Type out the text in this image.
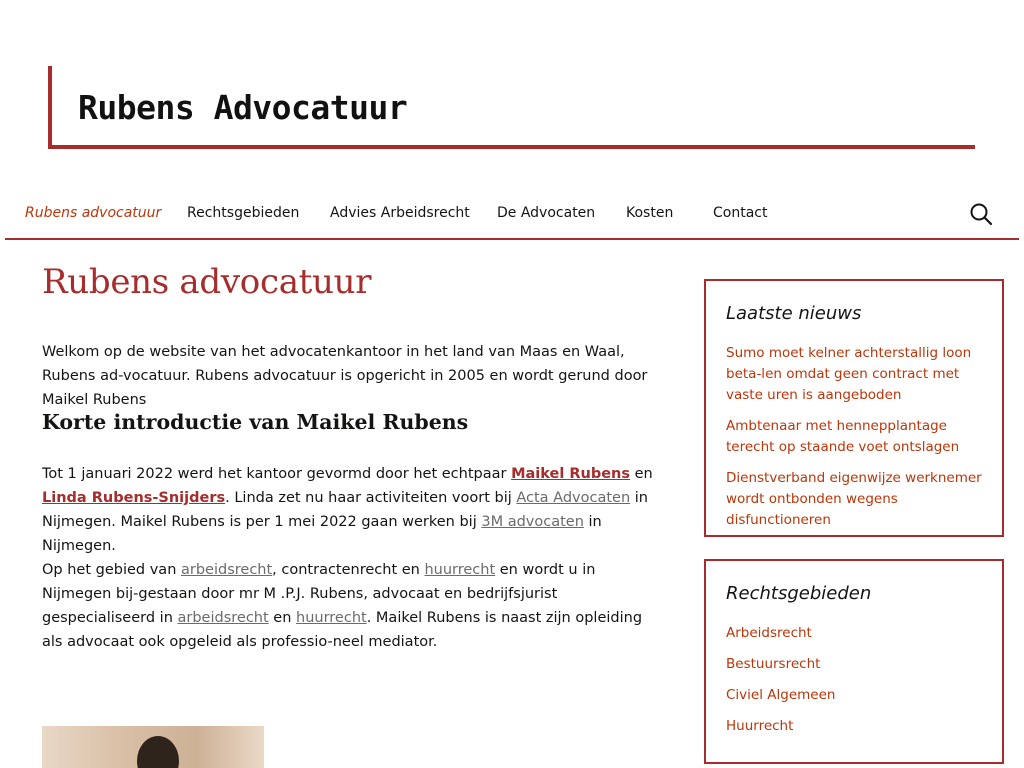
Rubens Advocatuur
Rubens advocatuur Rechtsgebieden Advies Arbeidsrecht De Advocaten Kosten	Contact
Rubens advocatuur

Welkom op de website van het advocatenkantoor in het land van Maas en Waal, Rubens ad-vocatuur. Rubens advocatuur is opgericht in 2005 en wordt gerund door Maikel Rubens

Korte introductie van Maikel Rubens

Tot 1 januari 2022 werd het kantoor gevormd door het echtpaar Maikel Rubens en Linda Rubens-Snijders. Linda zet nu haar activiteiten voort bij Acta Advocaten in Nijmegen. Maikel Rubens is per 1 mei 2022 gaan werken bij 3M advocaten in Nijmegen.

Op het gebied van arbeidsrecht, contractenrecht en huurrecht en wordt u in Nijmegen bij-gestaan door mr M .P.J. Rubens, advocaat en bedrijfsjurist gespecialiseerd in arbeidsrecht en huurrecht. Maikel Rubens is naast zijn opleiding als advocaat ook opgeleid als professio-neel mediator.

Laatste nieuws
Sumo moet kelner achterstallig loon beta-len omdat geen contract met vaste uren is aangeboden
Ambtenaar met hennepplantage terecht op staande voet ontslagen
Dienstverband eigenwijze werknemer wordt ontbonden wegens disfunctioneren
Rechtsgebieden
Arbeidsrecht
Bestuursrecht
Civiel Algemeen
Huurrecht
